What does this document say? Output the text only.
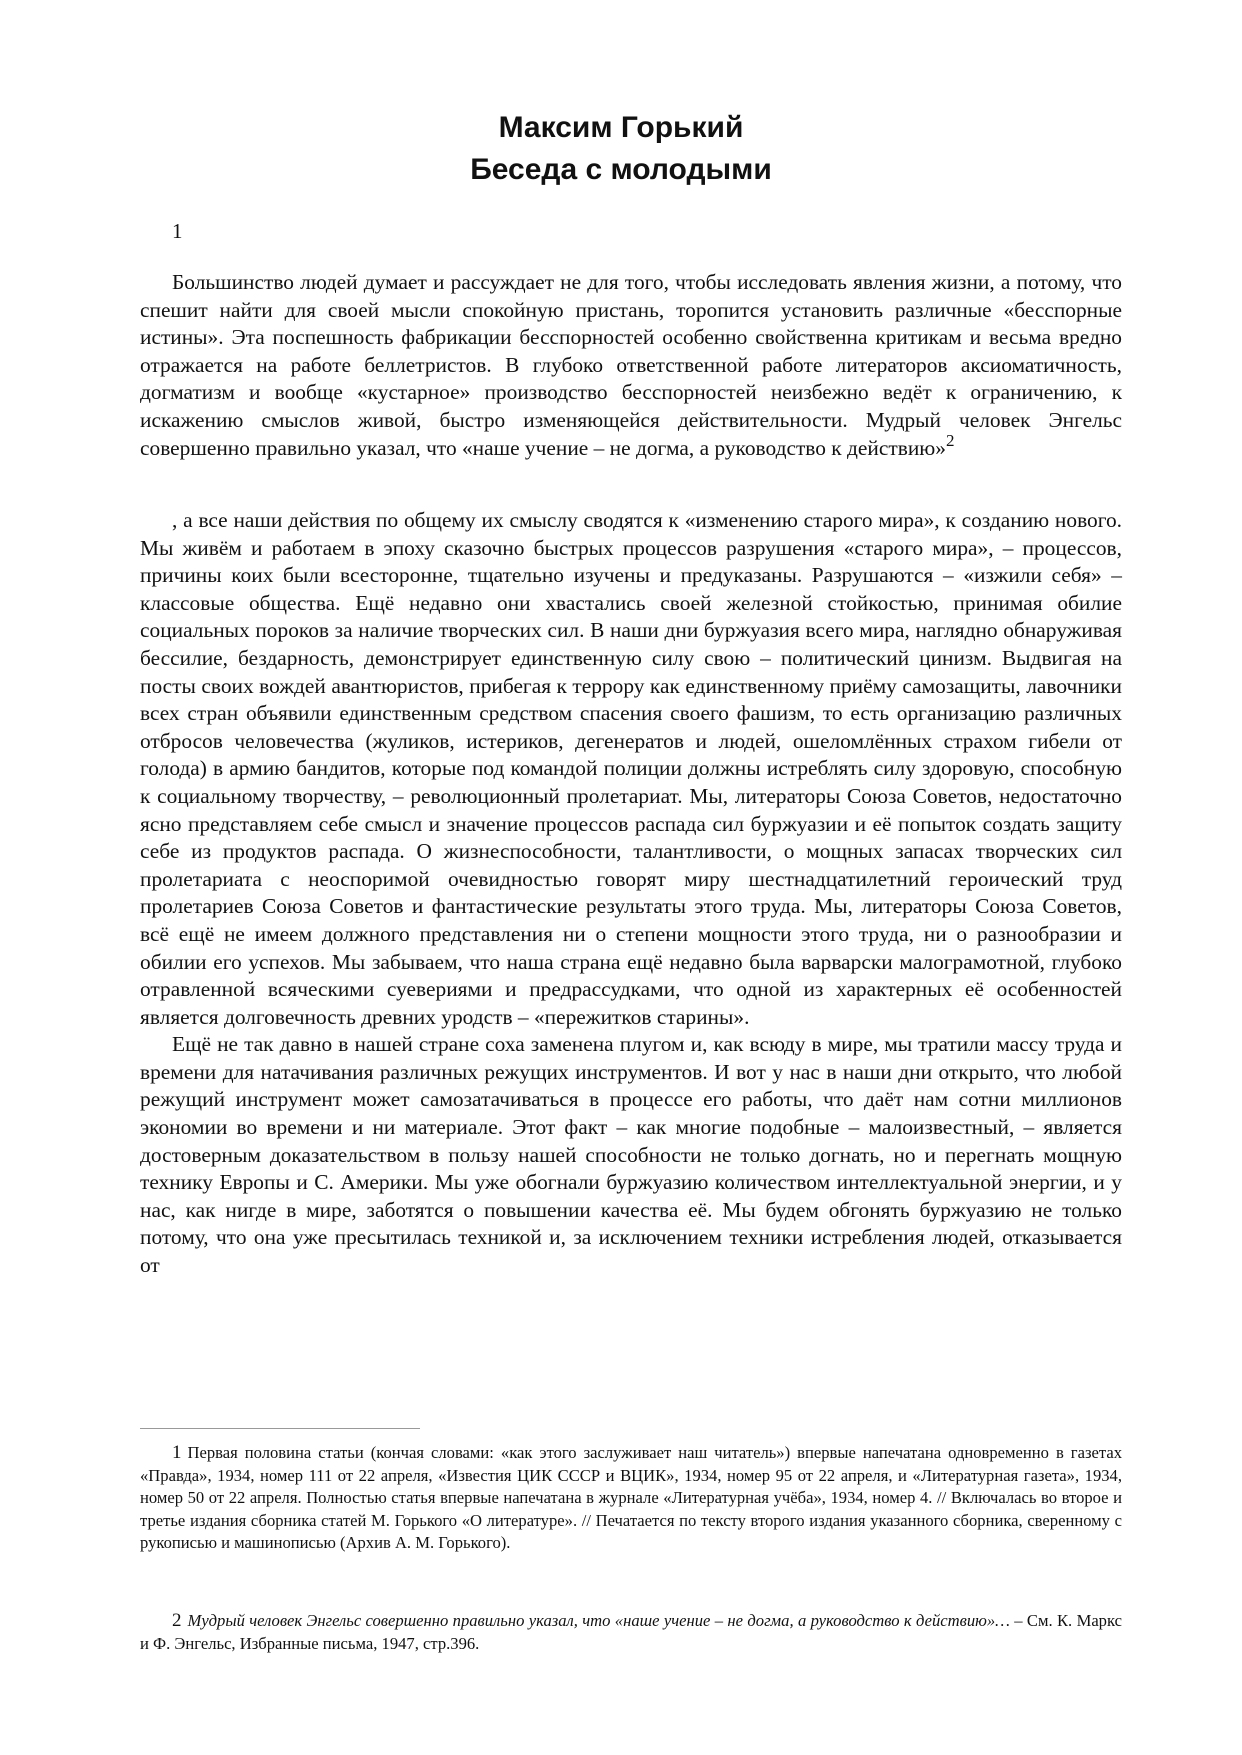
Максим Горький
Беседа с молодыми
1

Большинство людей думает и рассуждает не для того, чтобы исследовать явления жизни, а потому, что спешит найти для своей мысли спокойную пристань, торопится установить различные «бесспорные истины». Эта поспешность фабрикации бесспорностей особенно свойственна критикам и весьма вредно отражается на работе беллетристов. В глубоко ответственной работе литераторов аксиоматичность, догматизм и вообще «кустарное» производство бесспорностей неизбежно ведёт к ограничению, к искажению смыслов живой, быстро изменяющейся действительности. Мудрый человек Энгельс совершенно правильно указал, что «наше учение – не догма, а руководство к действию»$^2$

, а все наши действия по общему их смыслу сводятся к «изменению старого мира», к созданию нового. Мы живём и работаем в эпоху сказочно быстрых процессов разрушения «старого мира», – процессов, причины коих были всесторонне, тщательно изучены и предуказаны. Разрушаются – «изжили себя» – классовые общества. Ещё недавно они хвастались своей железной стойкостью, принимая обилие социальных пороков за наличие творческих сил. В наши дни буржуазия всего мира, наглядно обнаруживая бессилие, бездарность, демонстрирует единственную силу свою – политический цинизм. Выдвигая на посты своих вождей авантюристов, прибегая к террору как единственному приёму самозащиты, лавочники всех стран объявили единственным средством спасения своего фашизм, то есть организацию различных отбросов человечества (жуликов, истериков, дегенератов и людей, ошеломлённых страхом гибели от голода) в армию бандитов, которые под командой полиции должны истреблять силу здоровую, способную к социальному творчеству, – революционный пролетариат. Мы, литераторы Союза Советов, недостаточно ясно представляем себе смысл и значение процессов распада сил буржуазии и её попыток создать защиту себе из продуктов распада. О жизнеспособности, талантливости, о мощных запасах творческих сил пролетариата с неоспоримой очевидностью говорят миру шестнадцатилетний героический труд пролетариев Союза Советов и фантастические результаты этого труда. Мы, литераторы Союза Советов, всё ещё не имеем должного представления ни о степени мощности этого труда, ни о разнообразии и обилии его успехов. Мы забываем, что наша страна ещё недавно была варварски малограмотной, глубоко отравленной всяческими суевериями и предрассудками, что одной из характерных её особенностей является долговечность древних уродств – «пережитков старины».

Ещё не так давно в нашей стране соха заменена плугом и, как всюду в мире, мы тратили массу труда и времени для натачивания различных режущих инструментов. И вот у нас в наши дни открыто, что любой режущий инструмент может самозатачиваться в процессе его работы, что даёт нам сотни миллионов экономии во времени и ни материале. Этот факт – как многие подобные – малоизвестный, – является достоверным доказательством в пользу нашей способности не только догнать, но и перегнать мощную технику Европы и С. Америки. Мы уже обогнали буржуазию количеством интеллектуальной энергии, и у нас, как нигде в мире, заботятся о повышении качества её. Мы будем обгонять буржуазию не только потому, что она уже пресытилась техникой и, за исключением техники истребления людей, отказывается от

1 Первая половина статьи (кончая словами: «как этого заслуживает наш читатель») впервые напечатана одновременно в газетах «Правда», 1934, номер 111 от 22 апреля, «Известия ЦИК СССР и ВЦИК», 1934, номер 95 от 22 апреля, и «Литературная газета», 1934, номер 50 от 22 апреля. Полностью статья впервые напечатана в журнале «Литературная учёба», 1934, номер 4. // Включалась во второе и третье издания сборника статей М. Горького «О литературе». // Печатается по тексту второго издания указанного сборника, сверенному с рукописью и машинописью (Архив А. М. Горького).
2 Мудрый человек Энгельс совершенно правильно указал, что «наше учение – не догма, а руководство к действию»… – См. К. Маркс и Ф. Энгельс, Избранные письма, 1947, стр.396.
